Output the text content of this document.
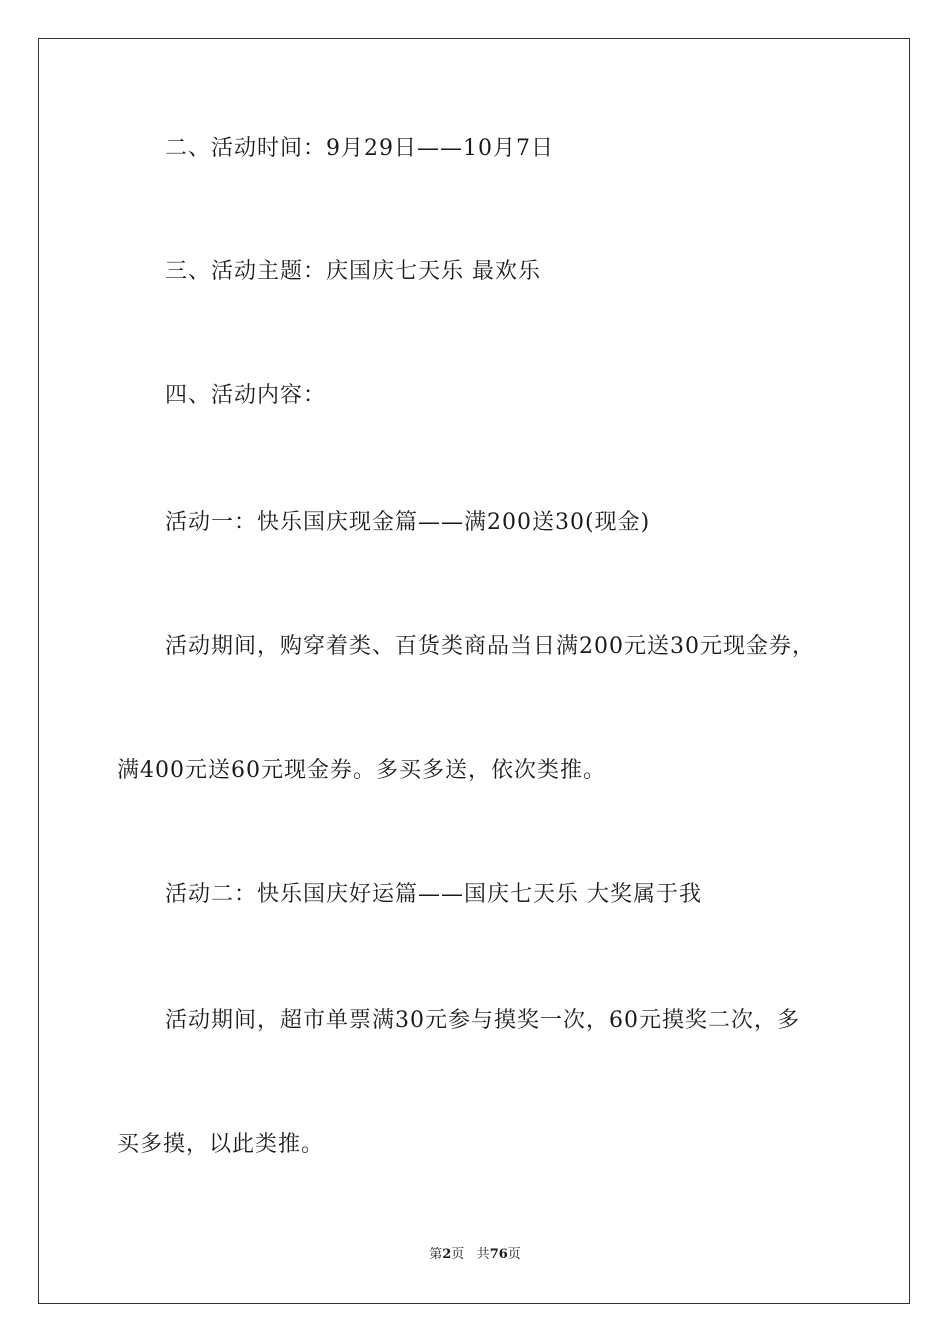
二、活动时间：9月29日——10月7日
三、活动主题：庆国庆七天乐 最欢乐
四、活动内容：
活动一：快乐国庆现金篇——满200送30(现金)
活动期间，购穿着类、百货类商品当日满200元送30元现金券，
满400元送60元现金券。多买多送，依次类推。
活动二：快乐国庆好运篇——国庆七天乐 大奖属于我
活动期间，超市单票满30元参与摸奖一次，60元摸奖二次，多
买多摸，以此类推。
第2页 共76页
